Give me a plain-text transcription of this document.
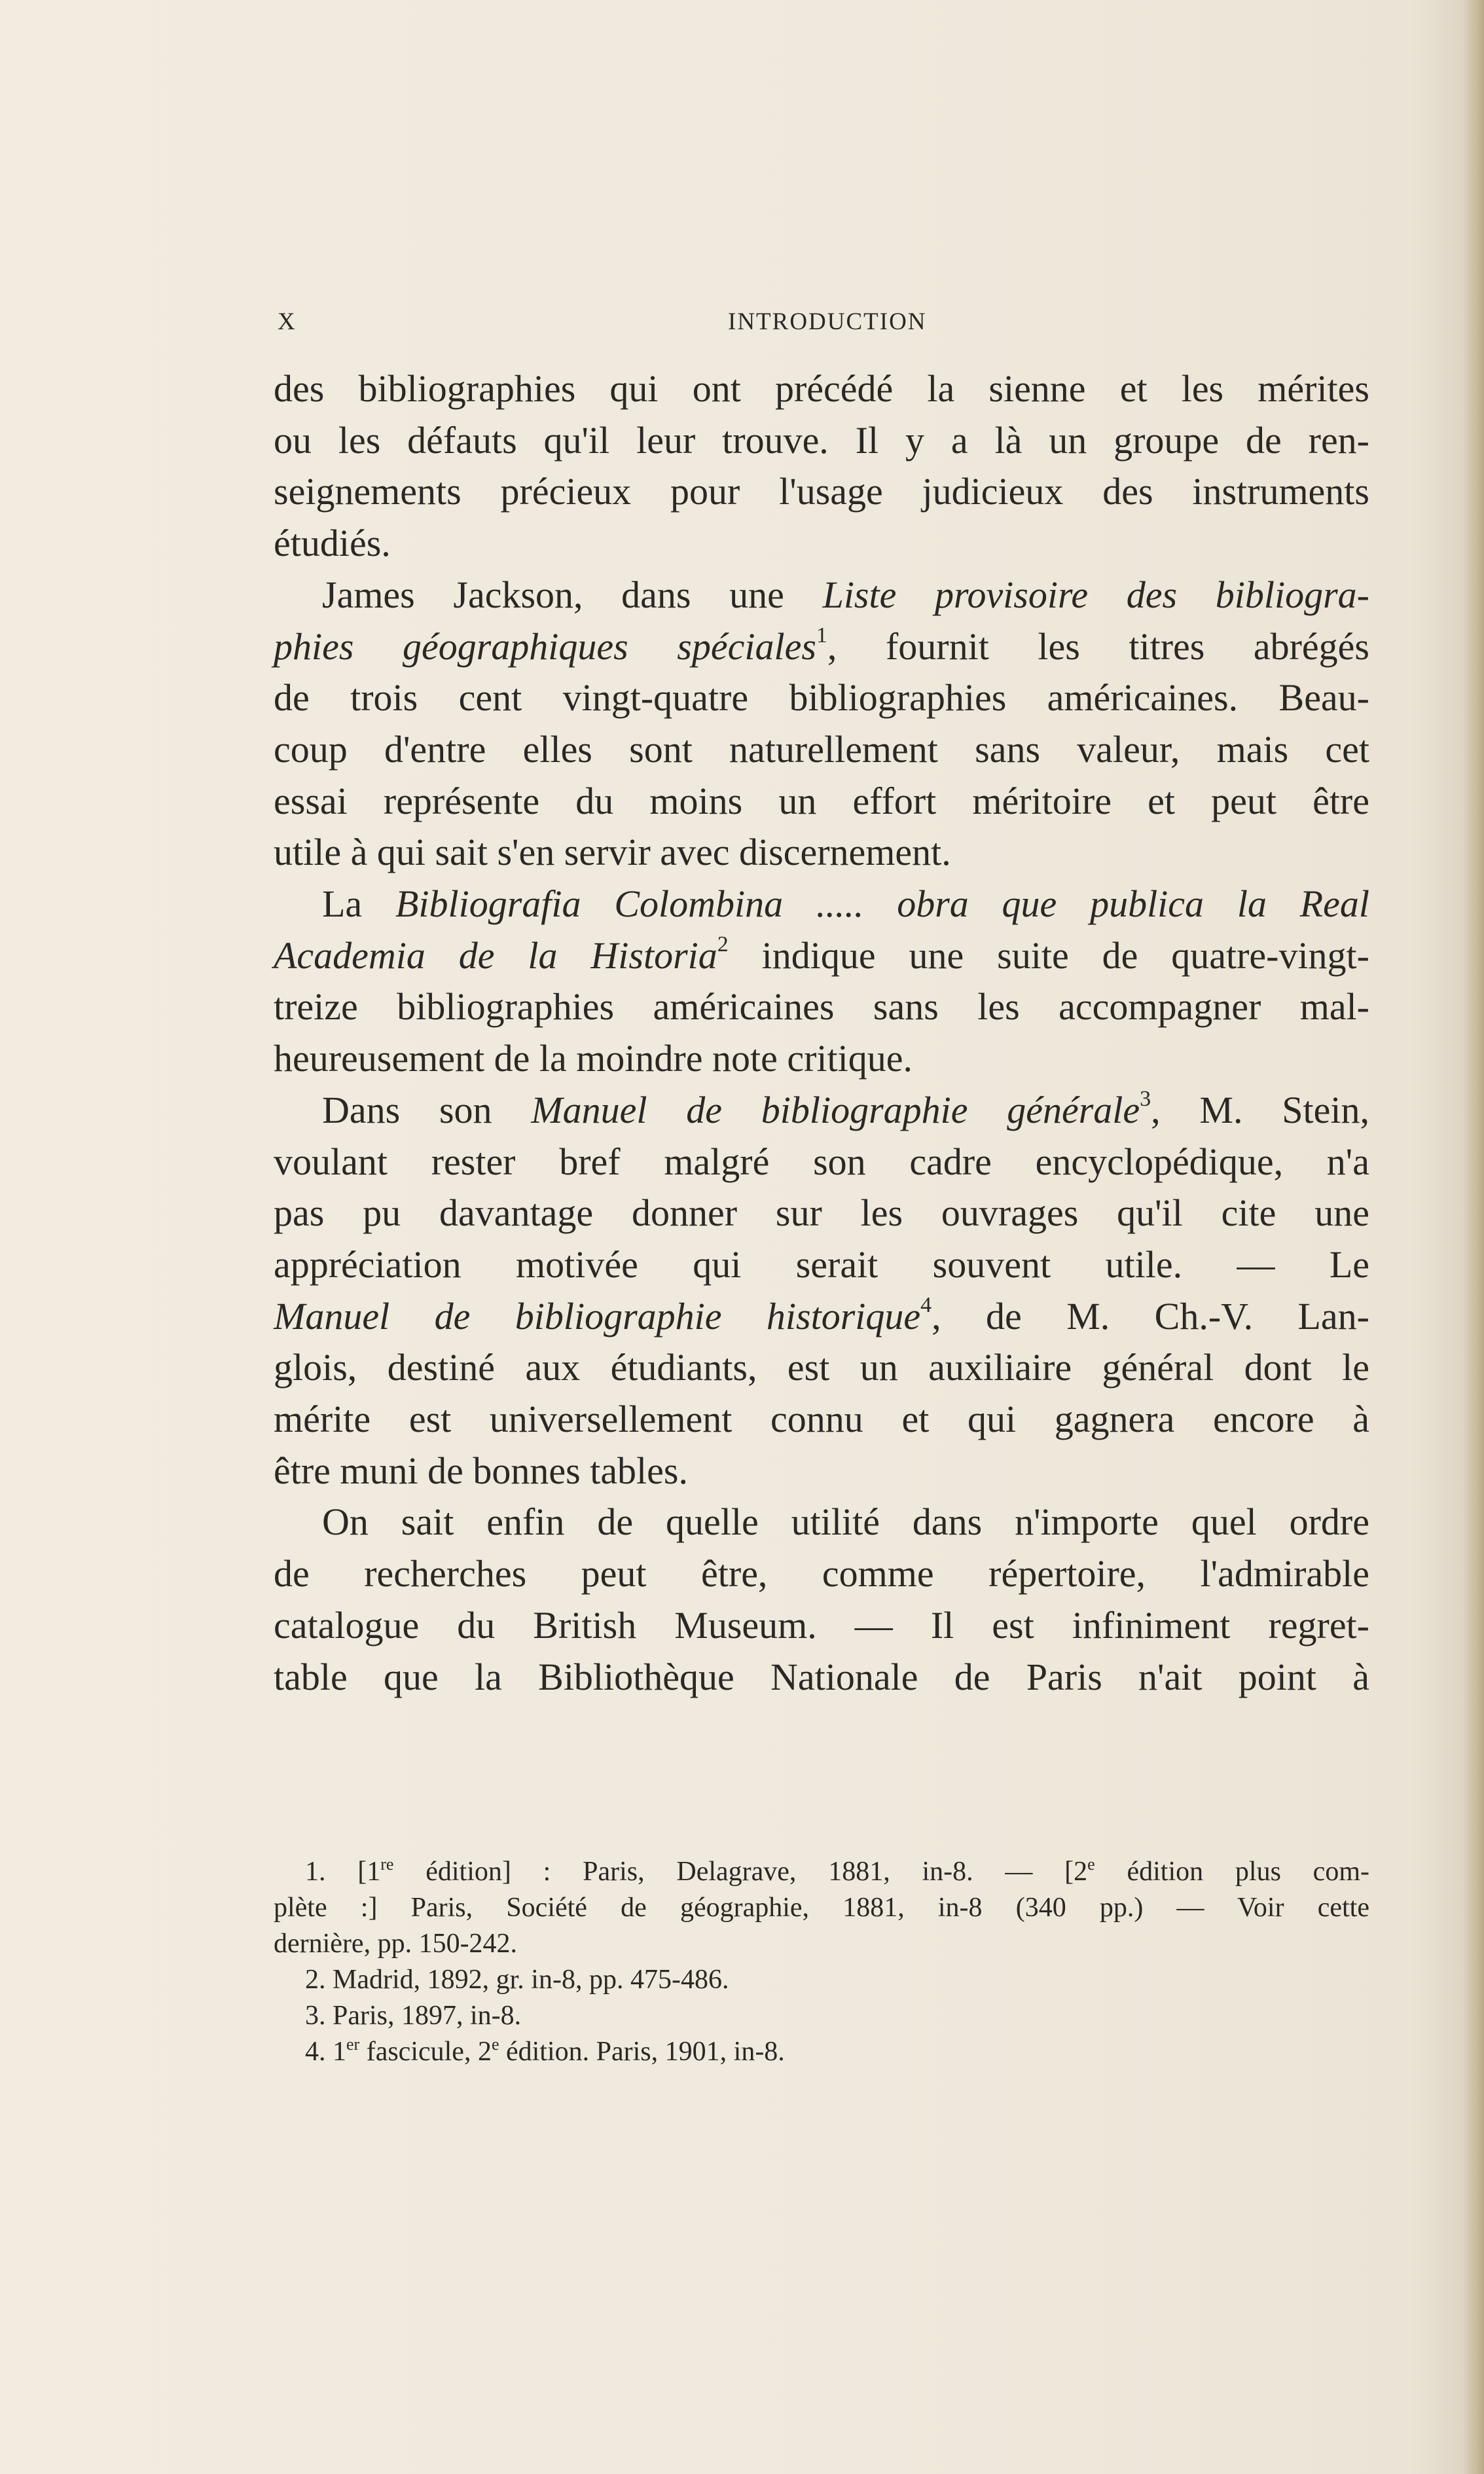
X	INTRODUCTION
des bibliographies qui ont précédé la sienne et les mérites
ou les défauts qu'il leur trouve. Il y a là un groupe de ren-
seignements précieux pour l'usage judicieux des instruments
étudiés.
James Jackson, dans une Liste provisoire des bibliogra-
phies géographiques spéciales$^1$, fournit les titres abrégés
de trois cent vingt-quatre bibliographies américaines. Beau-
coup d'entre elles sont naturellement sans valeur, mais cet
essai représente du moins un effort méritoire et peut être
utile à qui sait s'en servir avec discernement.
La Bibliografia Colombina ..... obra que publica la Real
Academia de la Historia$^2$ indique une suite de quatre-vingt-
treize bibliographies américaines sans les accompagner mal-
heureusement de la moindre note critique.
Dans son Manuel de bibliographie générale$^3$, M. Stein,
voulant rester bref malgré son cadre encyclopédique, n'a
pas pu davantage donner sur les ouvrages qu'il cite une
appréciation motivée qui serait souvent utile. — Le
Manuel de bibliographie historique$^4$, de M. Ch.-V. Lan-
glois, destiné aux étudiants, est un auxiliaire général dont le
mérite est universellement connu et qui gagnera encore à
être muni de bonnes tables.
On sait enfin de quelle utilité dans n'importe quel ordre
de recherches peut être, comme répertoire, l'admirable
catalogue du British Museum. — Il est infiniment regret-
table que la Bibliothèque Nationale de Paris n'ait point à
1. [1re édition] : Paris, Delagrave, 1881, in-8. — [2e édition plus com-
plète :] Paris, Société de géographie, 1881, in-8 (340 pp.) — Voir cette
dernière, pp. 150-242.
2. Madrid, 1892, gr. in-8, pp. 475-486.
3. Paris, 1897, in-8.
4. 1er fascicule, 2e édition. Paris, 1901, in-8.
